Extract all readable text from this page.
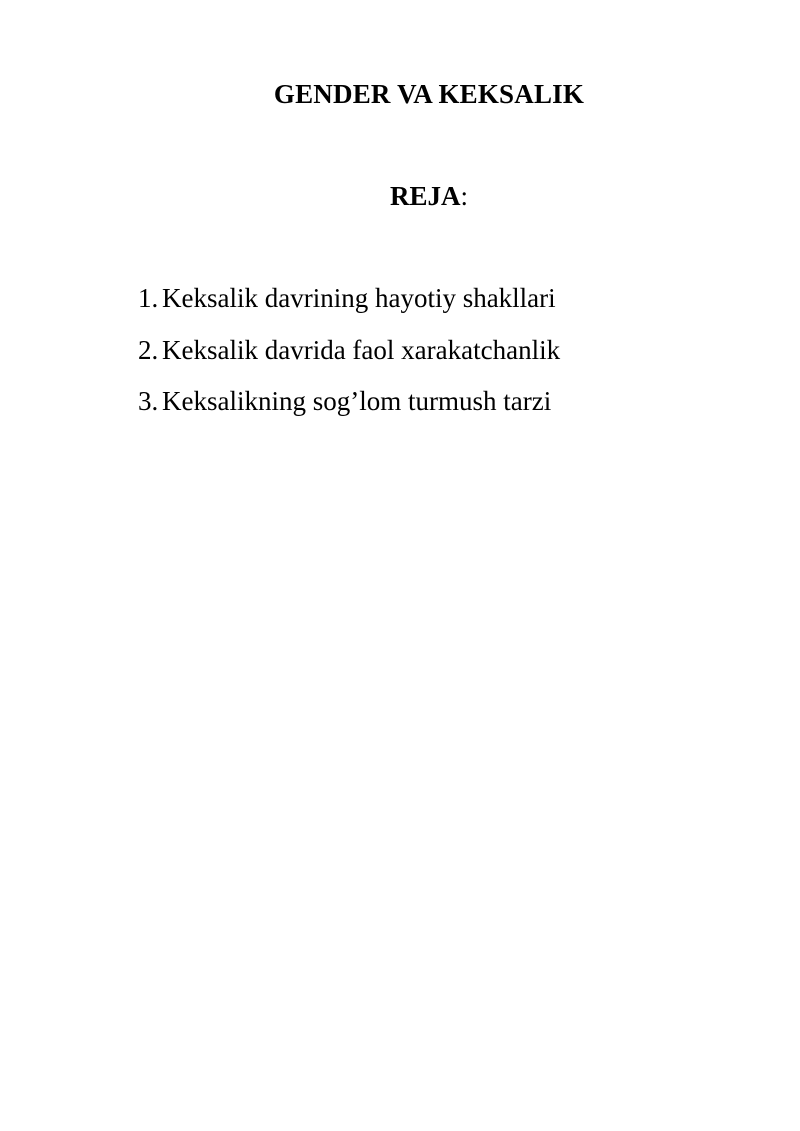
GENDER VA KEKSALIK

REJA:

1. Keksalik davrining hayotiy shakllari
2. Keksalik davrida faol xarakatchanlik
3. Keksalikning sog’lom turmush tarzi
